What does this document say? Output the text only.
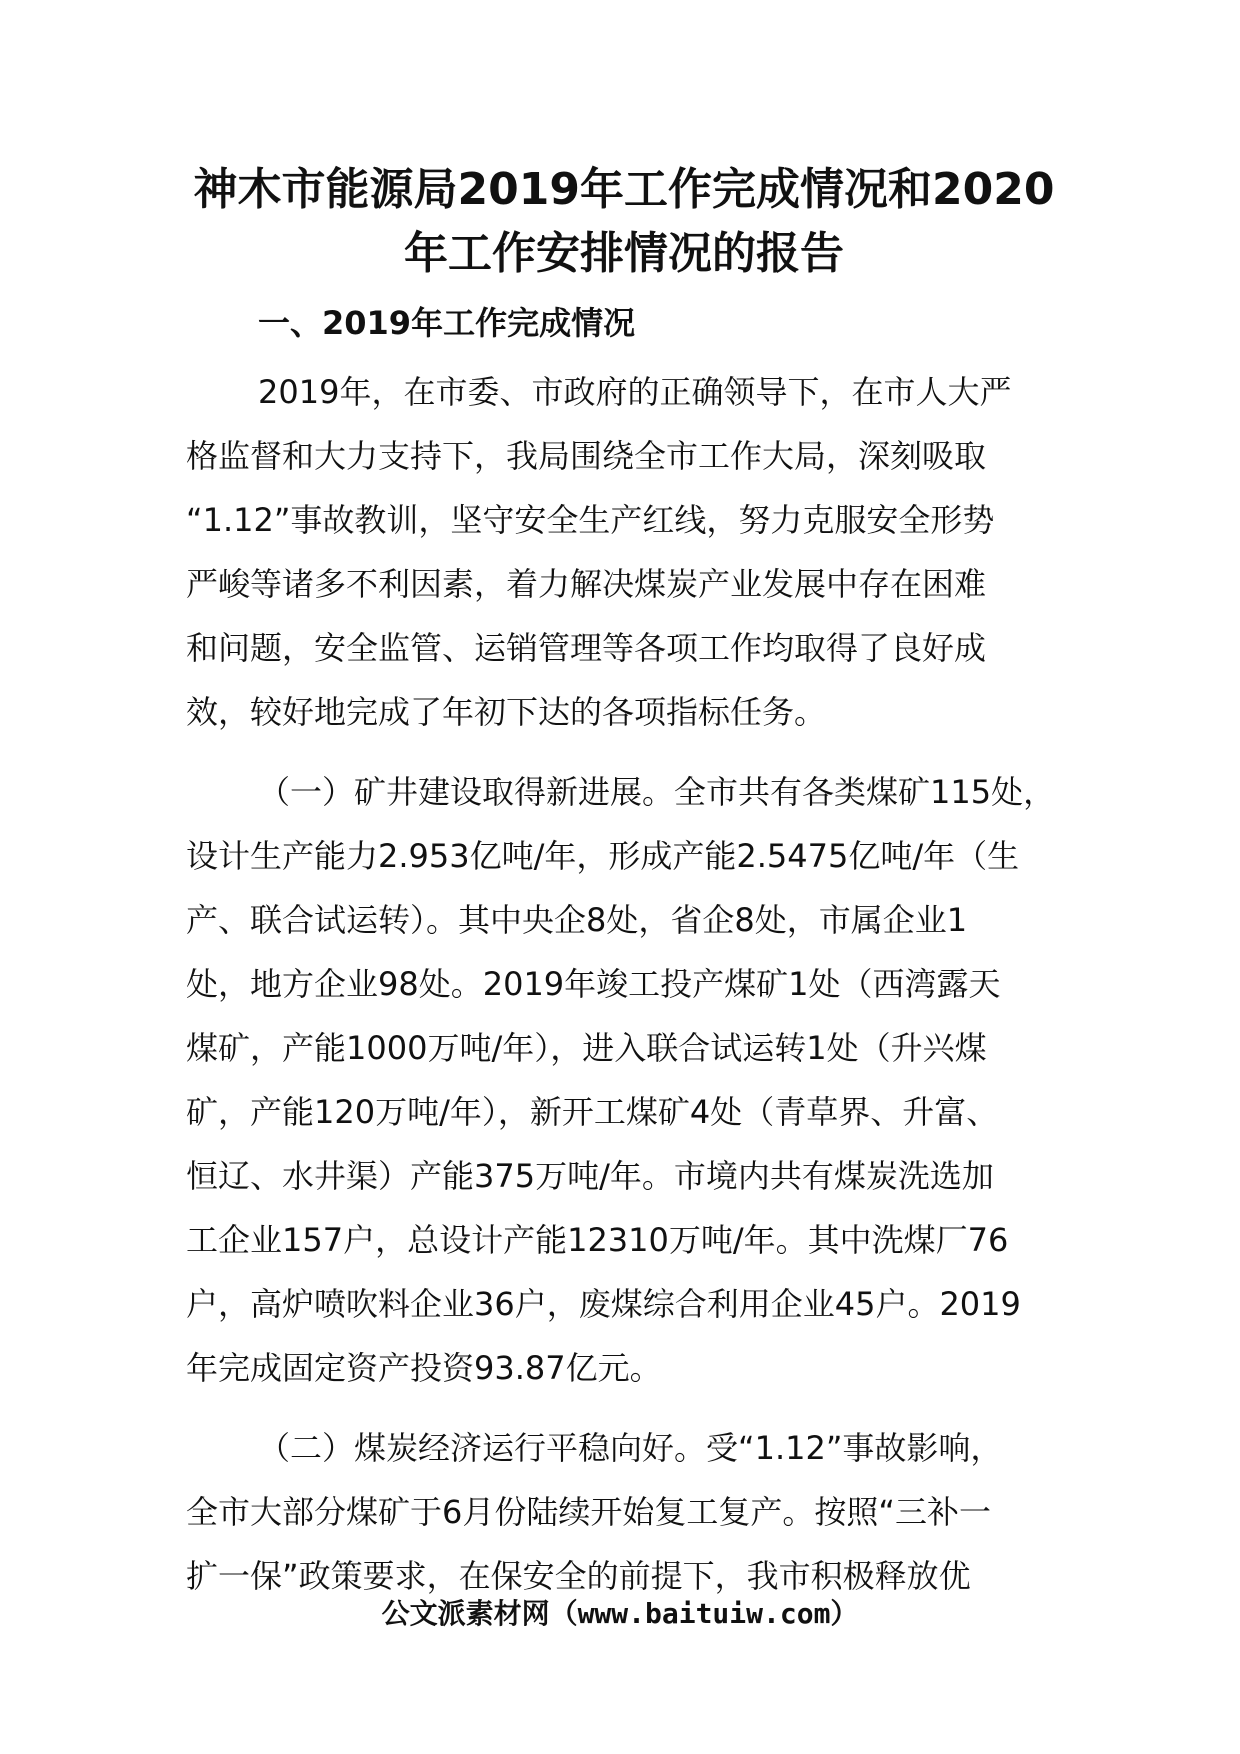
神木市能源局2019年工作完成情况和2020
年工作安排情况的报告
一、2019年工作完成情况
2019年，在市委、市政府的正确领导下，在市人大严
格监督和大力支持下，我局围绕全市工作大局，深刻吸取
“1.12”事故教训，坚守安全生产红线，努力克服安全形势
严峻等诸多不利因素，着力解决煤炭产业发展中存在困难
和问题，安全监管、运销管理等各项工作均取得了良好成
效，较好地完成了年初下达的各项指标任务。
（一）矿井建设取得新进展。全市共有各类煤矿115处，
设计生产能力2.953亿吨/年，形成产能2.5475亿吨/年（生
产、联合试运转）。其中央企8处，省企8处，市属企业1
处，地方企业98处。2019年竣工投产煤矿1处（西湾露天
煤矿，产能1000万吨/年），进入联合试运转1处（升兴煤
矿，产能120万吨/年），新开工煤矿4处（青草界、升富、
恒辽、水井渠）产能375万吨/年。市境内共有煤炭洗选加
工企业157户，总设计产能12310万吨/年。其中洗煤厂76
户，高炉喷吹料企业36户，废煤综合利用企业45户。2019
年完成固定资产投资93.87亿元。
（二）煤炭经济运行平稳向好。受“1.12”事故影响，
全市大部分煤矿于6月份陆续开始复工复产。按照“三补一
扩一保”政策要求，在保安全的前提下，我市积极释放优
公文派素材网（www.baituiw.com）
